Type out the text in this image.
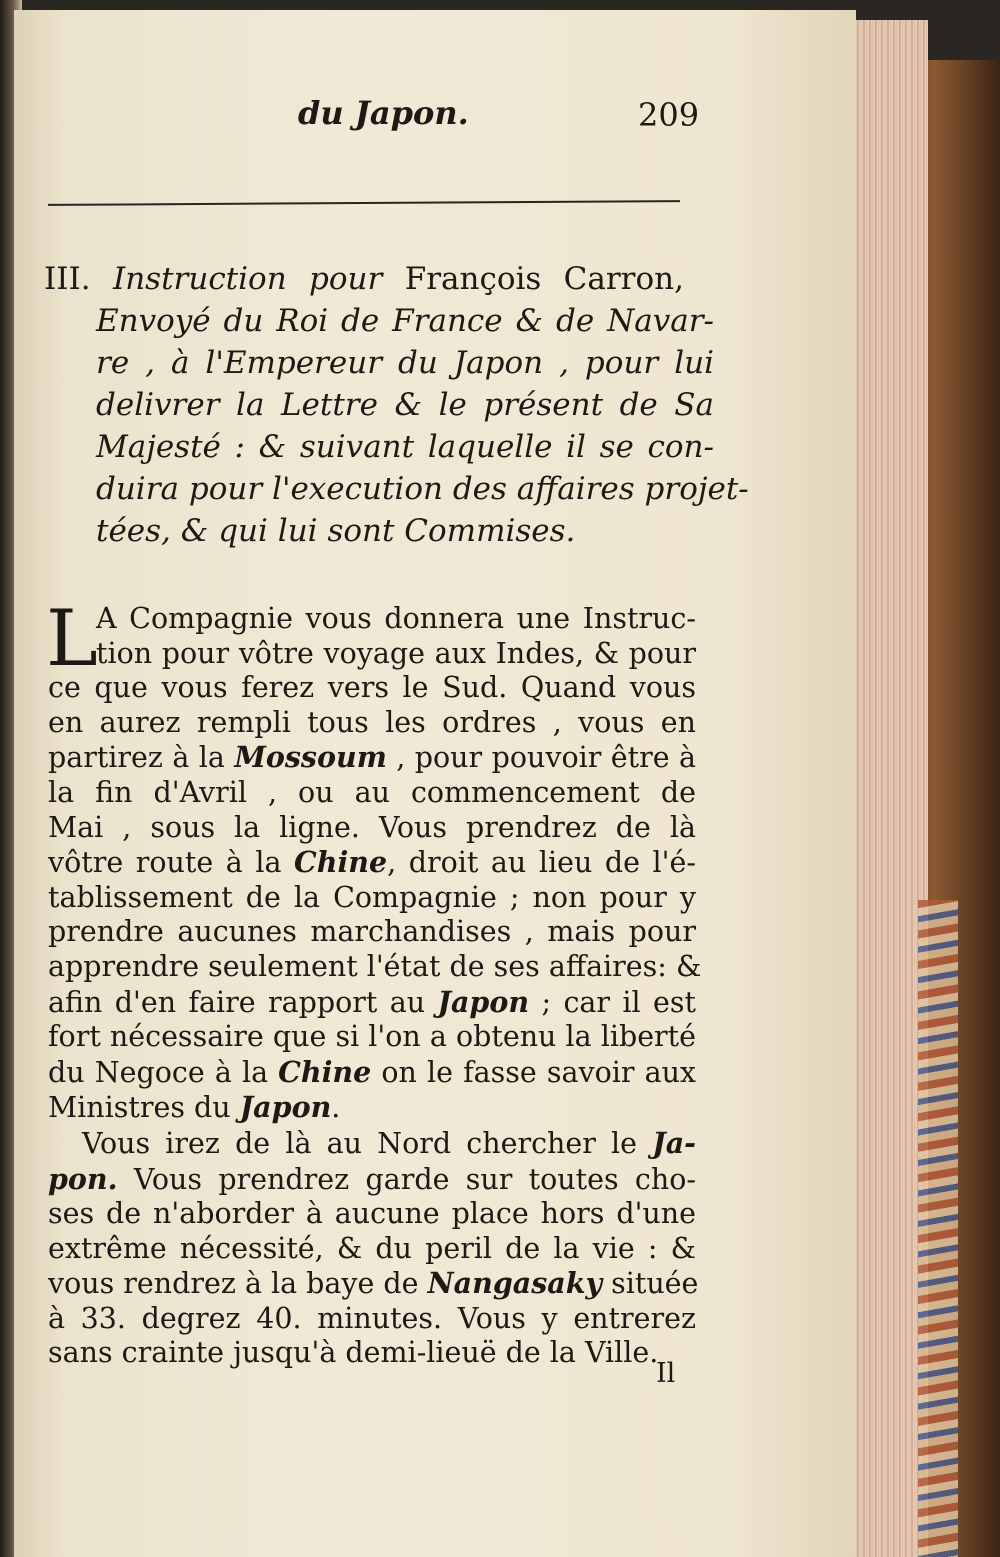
du Japon.	209
III. Instruction pour François Carron,
Envoyé du Roi de France & de Navar-
re , à l'Empereur du Japon , pour lui
delivrer la Lettre & le présent de Sa
Majesté : & suivant laquelle il se con-
duira pour l'execution des affaires projet-
tées, & qui lui sont Commises.
L
A Compagnie vous donnera une Instruc-
tion pour vôtre voyage aux Indes, & pour
ce que vous ferez vers le Sud. Quand vous
en aurez rempli tous les ordres , vous en
partirez à la Mossoum , pour pouvoir être à
la fin d'Avril , ou au commencement de
Mai , sous la ligne. Vous prendrez de là
vôtre route à la Chine, droit au lieu de l'é-
tablissement de la Compagnie ; non pour y
prendre aucunes marchandises , mais pour
apprendre seulement l'état de ses affaires: &
afin d'en faire rapport au Japon ; car il est
fort nécessaire que si l'on a obtenu la liberté
du Negoce à la Chine on le fasse savoir aux
Ministres du Japon.
Vous irez de là au Nord chercher le Ja-
pon. Vous prendrez garde sur toutes cho-
ses de n'aborder à aucune place hors d'une
extrême nécessité, & du peril de la vie : &
vous rendrez à la baye de Nangasaky située
à 33. degrez 40. minutes. Vous y entrerez
sans crainte jusqu'à demi-lieuë de la Ville.
Il
